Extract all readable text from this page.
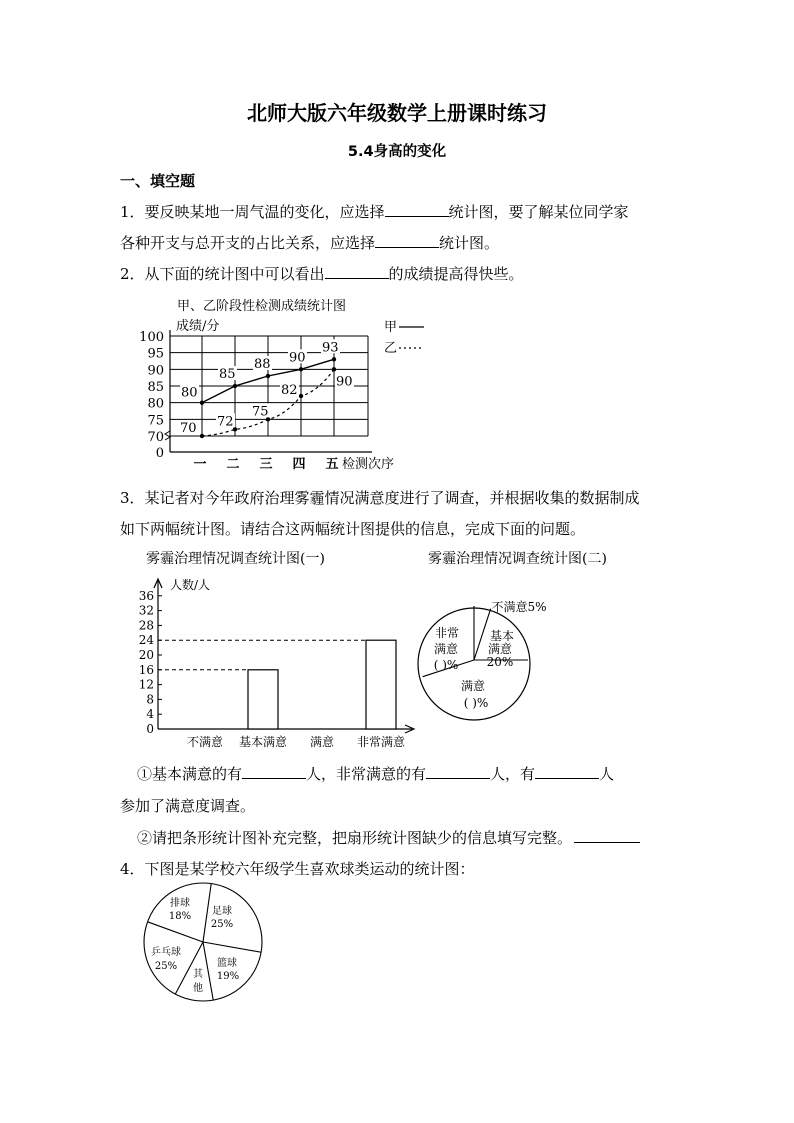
北师大版六年级数学上册课时练习
5.4身高的变化
一、填空题
1．要反映某地一周气温的变化，应选择	统计图，要了解某位同学家
各种开支与总开支的占比关系，应选择	统计图。
2．从下面的统计图中可以看出	的成绩提高得快些。
甲、乙阶段性检测成绩统计图
0
70
75
80
85
90
95
100
成绩/分
一 二 三 四 五 检测次序
80
85
88 90
93
70 72
75
82
90
甲
乙
3．某记者对今年政府治理雾霾情况满意度进行了调查，并根据收集的数据制成
如下两幅统计图。请结合这两幅统计图提供的信息，完成下面的问题。
雾霾治理情况调查统计图(一)	雾霾治理情况调查统计图(二)
0
4
8
12
16
20
24
28
32
36
人数/人
不满意 基本满意 满意 非常满意
不满意5%
基本
满意
20%
满意
( )%
非常
满意
( )%
①基本满意的有	人，非常满意的有	人，有	人
参加了满意度调查。
②请把条形统计图补充完整，把扇形统计图缺少的信息填写完整。
4．下图是某学校六年级学生喜欢球类运动的统计图：
排球
18% 足球
25%
篮球
19%
其
他
乒乓球
25%
